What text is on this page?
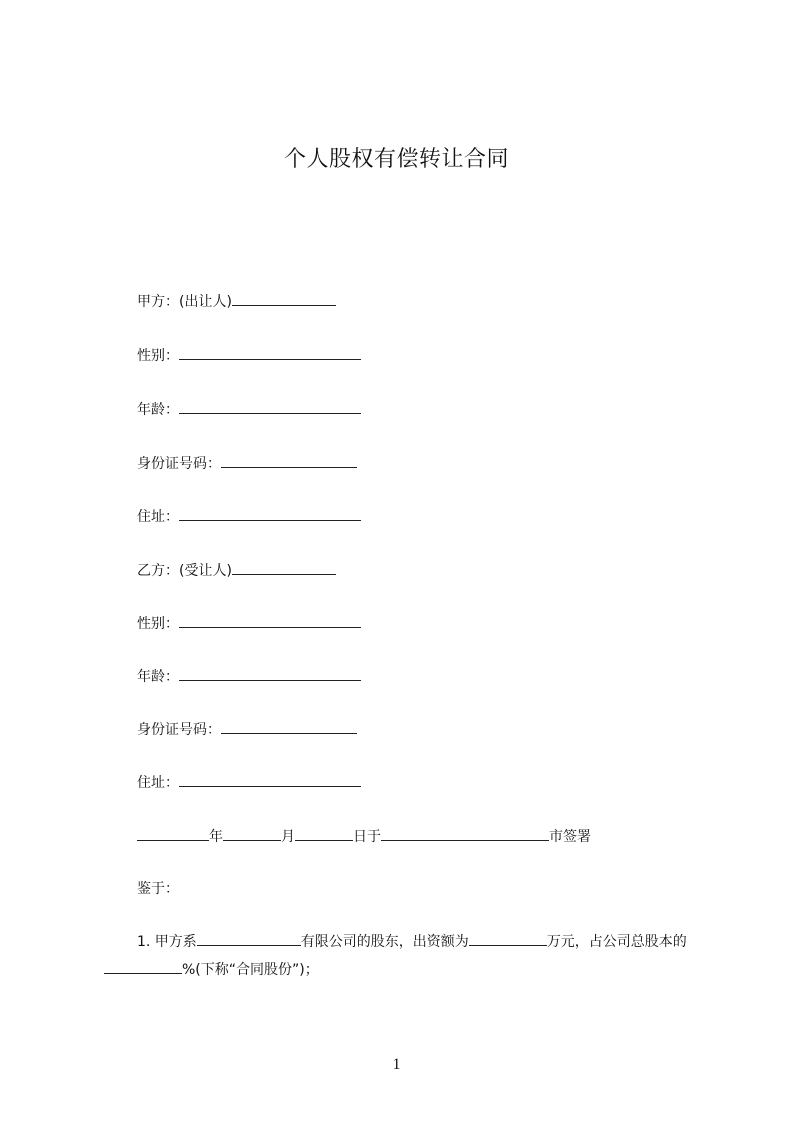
个人股权有偿转让合同
甲方：(出让人)
性别：
年龄：
身份证号码：
住址：
乙方：(受让人)
性别：
年龄：
身份证号码：
住址：
年	月	日于	市签署
鉴于：
1. 甲方系	有限公司的股东，出资额为	万元，占公司总股本的%(下称“合同股份”)；
1
